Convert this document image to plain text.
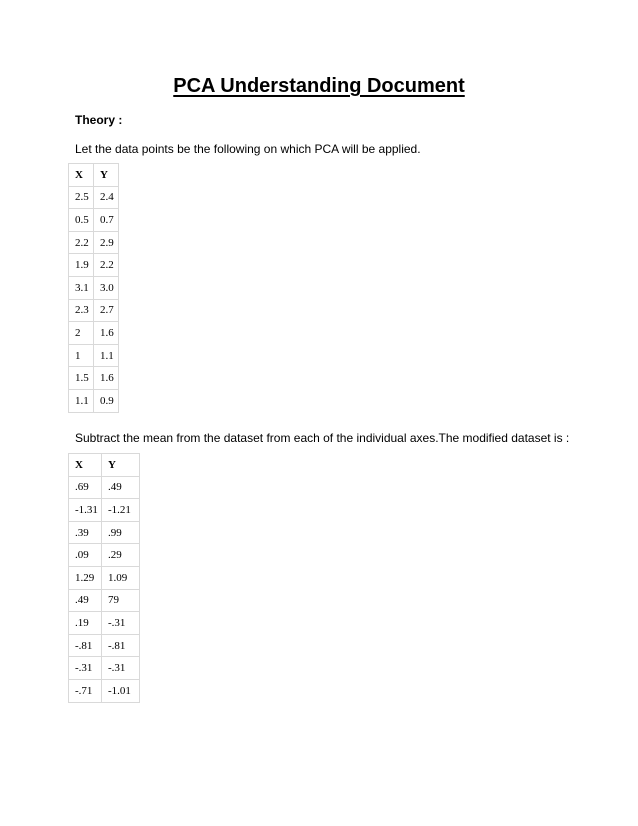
PCA Understanding Document

Theory :

Let the data points be the following on which PCA will be applied.

X	Y
2.5	2.4
0.5	0.7
2.2	2.9
1.9	2.2
3.1	3.0
2.3	2.7
2	1.6
1	1.1
1.5	1.6
1.1	0.9

Subtract the mean from the dataset from each of the individual axes.The modified dataset is :

X	Y
.69	.49
-1.31	-1.21
.39	.99
.09	.29
1.29	1.09
.49	79
.19	-.31
-.81	-.81
-.31	-.31
-.71	-1.01
